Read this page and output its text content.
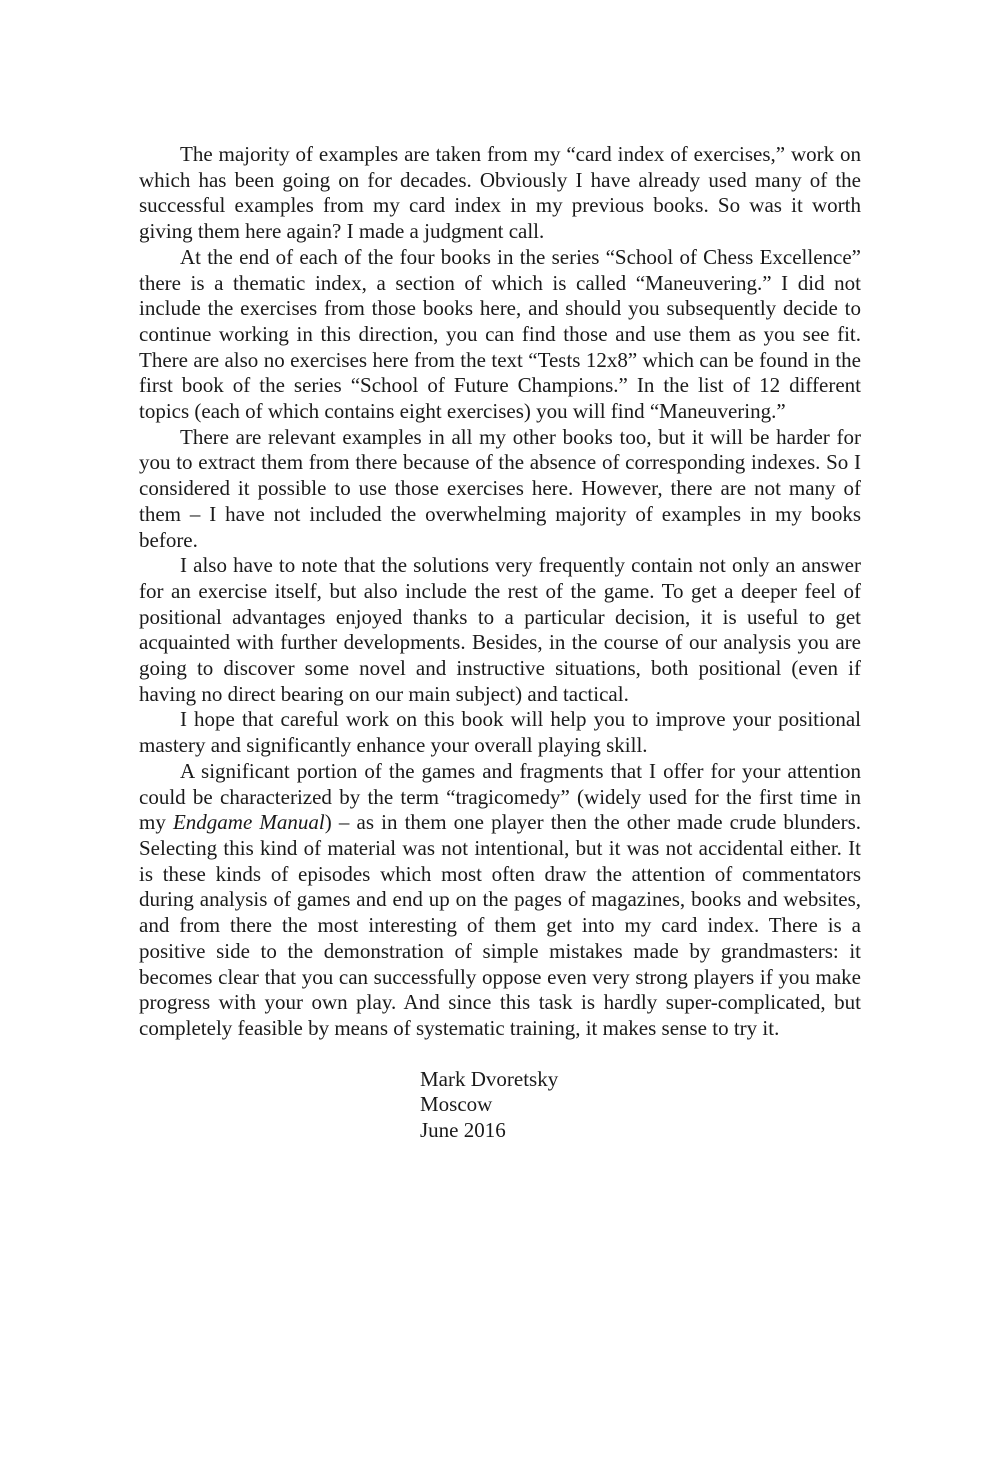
The majority of examples are taken from my “card index of exercises,” work on which has been going on for decades. Obviously I have already used many of the successful examples from my card index in my previous books. So was it worth giving them here again? I made a judgment call.

At the end of each of the four books in the series “School of Chess Excellence” there is a thematic index, a section of which is called “Maneuvering.” I did not include the exercises from those books here, and should you subsequently decide to continue working in this direction, you can find those and use them as you see fit. There are also no exercises here from the text “Tests 12x8” which can be found in the first book of the series “School of Future Champions.” In the list of 12 different topics (each of which contains eight exercises) you will find “Maneuvering.”

There are relevant examples in all my other books too, but it will be harder for you to extract them from there because of the absence of corresponding indexes. So I considered it possible to use those exercises here. However, there are not many of them – I have not included the overwhelming majority of examples in my books before.

I also have to note that the solutions very frequently contain not only an answer for an exercise itself, but also include the rest of the game. To get a deeper feel of positional advantages enjoyed thanks to a particular decision, it is useful to get acquainted with further developments. Besides, in the course of our analysis you are going to discover some novel and instructive situations, both positional (even if having no direct bearing on our main subject) and tactical.

I hope that careful work on this book will help you to improve your positional mastery and significantly enhance your overall playing skill.

A significant portion of the games and fragments that I offer for your attention could be characterized by the term “tragicomedy” (widely used for the first time in my Endgame Manual) – as in them one player then the other made crude blunders. Selecting this kind of material was not intentional, but it was not accidental either. It is these kinds of episodes which most often draw the attention of commentators during analysis of games and end up on the pages of magazines, books and websites, and from there the most interesting of them get into my card index. There is a positive side to the demonstration of simple mistakes made by grandmasters: it becomes clear that you can successfully oppose even very strong players if you make progress with your own play. And since this task is hardly super-complicated, but completely feasible by means of systematic training, it makes sense to try it.

Mark Dvoretsky
Moscow
June 2016
